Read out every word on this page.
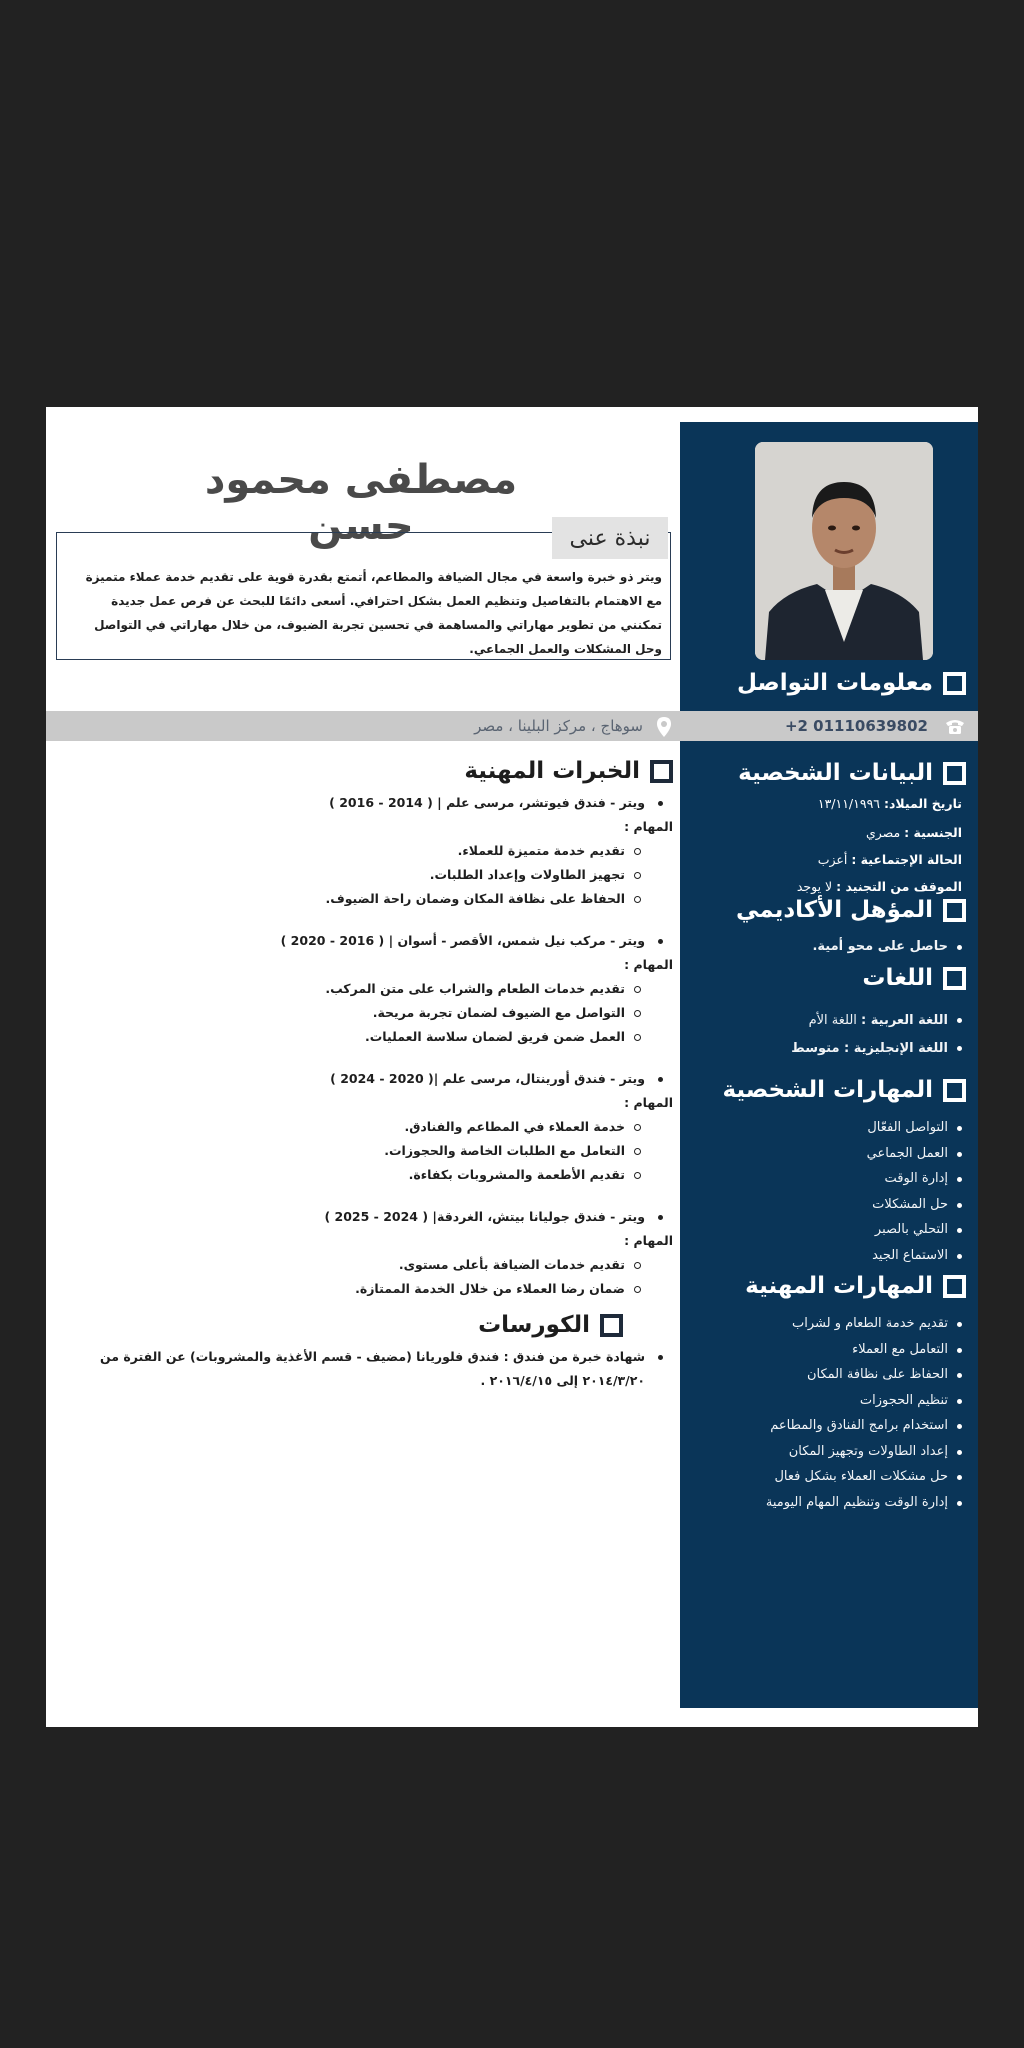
معلومات التواصل
البيانات الشخصية
تاريخ الميلاد: ١٣/١١/١٩٩٦
الجنسية : مصري
الحالة الإجتماعية : أعزب
الموقف من التجنيد : لا يوجد
المؤهل الأكاديمي
حاصل على محو أمية.
اللغات
اللغة العربية : اللغة الأم
اللغة الإنجليزية : متوسط
المهارات الشخصية
التواصل الفعّال
العمل الجماعي
إدارة الوقت
حل المشكلات
التحلي بالصبر
الاستماع الجيد
المهارات المهنية
تقديم خدمة الطعام و لشراب
التعامل مع العملاء
الحفاظ على نظافة المكان
تنظيم الحجوزات
استخدام برامج الفنادق والمطاعم
إعداد الطاولات وتجهيز المكان
حل مشكلات العملاء بشكل فعال
إدارة الوقت وتنظيم المهام اليومية
+2 01110639802
سوهاج ، مركز البلينا ، مصر
مصطفى محمود حسن
ويتر ذو خبرة واسعة في مجال الضيافة والمطاعم، أتمتع بقدرة قوية على تقديم خدمة عملاء متميزة مع الاهتمام بالتفاصيل وتنظيم العمل بشكل احترافي. أسعى دائمًا للبحث عن فرص عمل جديدة تمكنني من تطوير مهاراتي والمساهمة في تحسين تجربة الضيوف، من خلال مهاراتي في التواصل وحل المشكلات والعمل الجماعي.
نبذة عنى
الخبرات المهنية
ويتر - فندق فيوتشر، مرسى علم | ( 2014 - 2016 )
المهام :
تقديم خدمة متميزة للعملاء.
تجهيز الطاولات وإعداد الطلبات.
الحفاظ على نظافة المكان وضمان راحة الضيوف.
ويتر - مركب نيل شمس، الأقصر - أسوان | ( 2016 - 2020 )
المهام :
تقديم خدمات الطعام والشراب على متن المركب.
التواصل مع الضيوف لضمان تجربة مريحة.
العمل ضمن فريق لضمان سلاسة العمليات.
ويتر - فندق أورينتال، مرسى علم |( 2020 - 2024 )
المهام :
خدمة العملاء في المطاعم والفنادق.
التعامل مع الطلبات الخاصة والحجوزات.
تقديم الأطعمة والمشروبات بكفاءة.
ويتر - فندق جوليانا بيتش، الغردقة| ( 2024 - 2025 )
المهام :
تقديم خدمات الضيافة بأعلى مستوى.
ضمان رضا العملاء من خلال الخدمة الممتازة.
الكورسات
شهادة خبرة من فندق : فندق فلوريانا (مضيف - قسم الأغذية والمشروبات) عن الفترة من ٢٠١٤/٣/٢٠ إلى ٢٠١٦/٤/١٥ .
